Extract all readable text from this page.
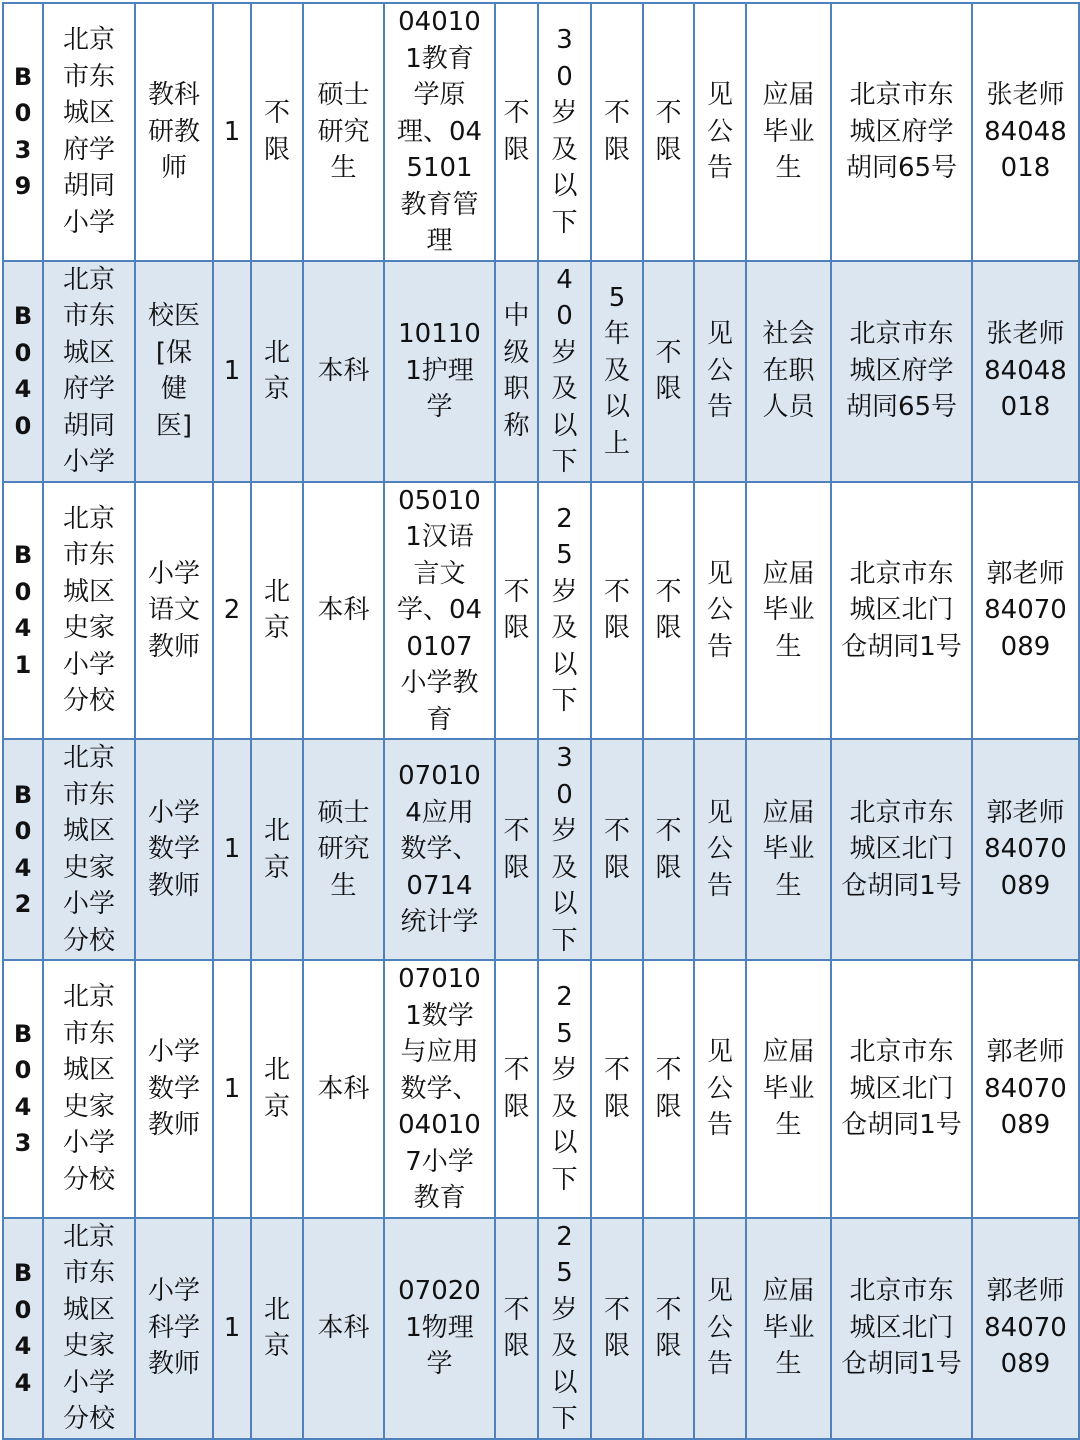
B039	北京市东城区府学胡同小学	教科研教师	1	不限	硕士研究生	040101教育学原理、045101教育管理	不限	30岁及以下	不限	不限	见公告	应届毕业生	北京市东城区府学胡同65号	张老师84048018

B040	北京市东城区府学胡同小学	校医[保健医]	1	北京	本科	101101护理学	中级职称	40岁及以下	5年及以上	不限	见公告	社会在职人员	北京市东城区府学胡同65号	张老师84048018

B041	北京市东城区史家小学分校	小学语文教师	2	北京	本科	050101汉语言文学、040107小学教育	不限	25岁及以下	不限	不限	见公告	应届毕业生	北京市东城区北门仓胡同1号	郭老师84070089

B042	北京市东城区史家小学分校	小学数学教师	1	北京	硕士研究生	070104应用数学、0714统计学	不限	30岁及以下	不限	不限	见公告	应届毕业生	北京市东城区北门仓胡同1号	郭老师84070089

B043	北京市东城区史家小学分校	小学数学教师	1	北京	本科	070101数学与应用数学、040107小学教育	不限	25岁及以下	不限	不限	见公告	应届毕业生	北京市东城区北门仓胡同1号	郭老师84070089

B044	北京市东城区史家小学分校	小学科学教师	1	北京	本科	070201物理学	不限	25岁及以下	不限	不限	见公告	应届毕业生	北京市东城区北门仓胡同1号	郭老师84070089
